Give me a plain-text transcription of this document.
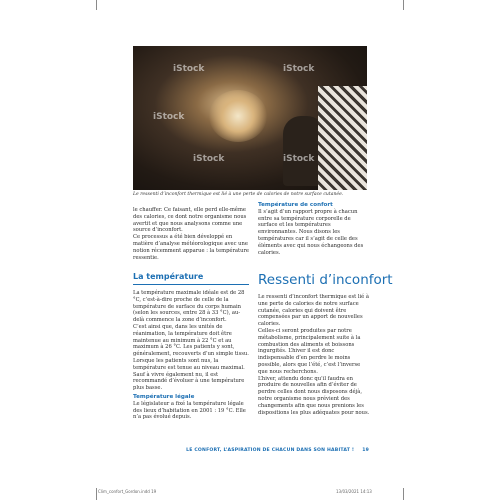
iStock	iStock
iStock
iStock	iStock
Le ressenti d’inconfort thermique est lié à une perte de calories de notre surface cutanée.

le chauffer. Ce faisant, elle perd elle-même des calories, ce dont notre organisme nous avertit et que nous analysons comme une source d’inconfort.

Ce processus a été bien développé en matière d’analyse météorologique avec une notion récemment apparue : la température ressentie.

Température de confort

Il s’agit d’un rapport propre à chacun entre sa température corporelle de surface et les températures environnantes. Nous disons les températures car il s’agit de celle des éléments avec qui nous échangeons des calories.

La température	Ressenti d’inconfort

La température maximale idéale est de 28 °C, c’est-à-dire proche de celle de la température de surface du corps humain (selon les sources, entre 28 à 33 °C), au-delà commence la zone d’inconfort.

C’est ainsi que, dans les unités de réanimation, la température doit être maintenue au minimum à 22 °C et au maximum à 26 °C. Les patients y sont, généralement, recouverts d’un simple tissu.

Lorsque les patients sont nus, la température est tenue au niveau maximal.

Sauf à vivre également nu, il est recommandé d’évoluer à une température plus basse.

Température légale

Le législateur a fixé la température légale des lieux d’habitation en 2001 : 19 °C. Elle n’a pas évolué depuis.

Le ressenti d’inconfort thermique est lié à une perte de calories de notre surface cutanée, calories qui doivent être compensées par un apport de nouvelles calories.

Celles-ci seront produites par notre métabolisme, principalement suite à la combustion des aliments et boissons ingurgités. L’hiver il est donc indispensable d’en perdre le moins possible, alors que l’été, c’est l’inverse que nous recherchons.

L’hiver, attendu donc qu’il faudra en produire de nouvelles afin d’éviter de perdre celles dont nous disposons déjà, notre organisme nous prévient des changements afin que nous prenions les dispositions les plus adéquates pour nous.

LE CONFORT, L’ASPIRATION DE CHACUN DANS SON HABITAT ! 19
Clim_confort_Gordon.indd 19	13/03/2021 14:13
